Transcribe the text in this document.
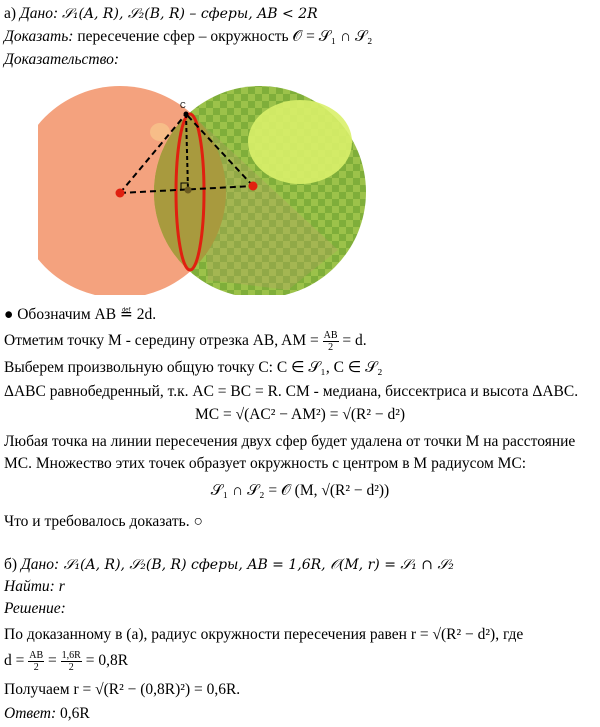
а) Дано: 𝒮₁(A, R), 𝒮₂(B, R) – сферы, AB < 2R
Доказать: пересечение сфер – окружность 𝒪 = 𝒮₁ ∩ 𝒮₂
Доказательство:
C
● Обозначим AB ≝ 2d.
Отметим точку M - середину отрезка AB, AM = $\frac{AB}{2} = d$.
Выберем произвольную общую точку C: C ∈ 𝒮₁, C ∈ 𝒮₂
ΔABC равнобедренный, т.к. AC = BC = R. CM - медиана, биссектриса и высота ΔABC.
MC = √(AC² − AM²) = √(R² − d²)
Любая точка на линии пересечения двух сфер будет удалена от точки M на расстояние
MC. Множество этих точек образует окружность с центром в M радиусом MC:
𝒮₁ ∩ 𝒮₂ = 𝒪 (M, √(R² − d²))
Что и требовалось доказать. ○
б) Дано: 𝒮₁(A, R), 𝒮₂(B, R) сферы, AB = 1,6R, 𝒪(M, r) = 𝒮₁ ∩ 𝒮₂
Найти: r
Решение:
По доказанному в (а), радиус окружности пересечения равен r = √(R² − d²), где
$d = \frac{AB}{2} = \frac{1,6R}{2} = 0,8R$
Получаем r = √(R² − (0,8R)²) = 0,6R.
Ответ: 0,6R
